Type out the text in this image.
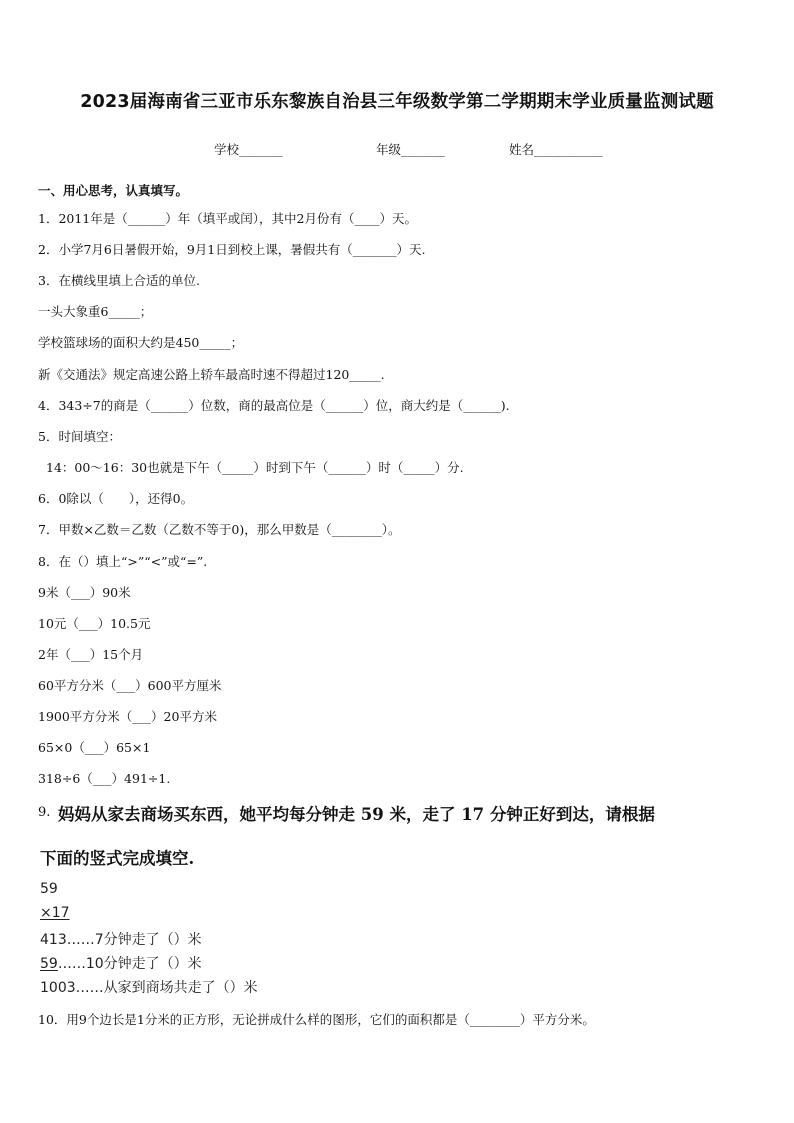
2023届海南省三亚市乐东黎族自治县三年级数学第二学期期末学业质量监测试题
学校_______	年级_______	姓名___________
一、用心思考，认真填写。
1．2011年是（______）年（填平或闰），其中2月份有（____）天。
2．小学7月6日暑假开始，9月1日到校上课，暑假共有（_______）天.
3．在横线里填上合适的单位.
一头大象重6_____；
学校篮球场的面积大约是450_____；
新《交通法》规定高速公路上轿车最高时速不得超过120_____.
4．343÷7的商是（______）位数，商的最高位是（______）位，商大约是（______).
5．时间填空：
14：00～16：30也就是下午（_____）时到下午（______）时（_____）分.
6．0除以（　　），还得0。
7．甲数×乙数＝乙数（乙数不等于0)，那么甲数是（________）。
8．在（）填上“>”“<”或“=”.
9米（___）90米
10元（___）10.5元
2年（___）15个月
60平方分米（___）600平方厘米
1900平方分米（___）20平方米
65×0（___）65×1
318÷6（___）491÷1.
9. 妈妈从家去商场买东西，她平均每分钟走 59 米，走了 17 分钟正好到达，请根据
下面的竖式完成填空.
59
×17
413……7分钟走了（）米
59……10分钟走了（）米
1003……从家到商场共走了（）米
10．用9个边长是1分米的正方形，无论拼成什么样的图形，它们的面积都是（________）平方分米。
